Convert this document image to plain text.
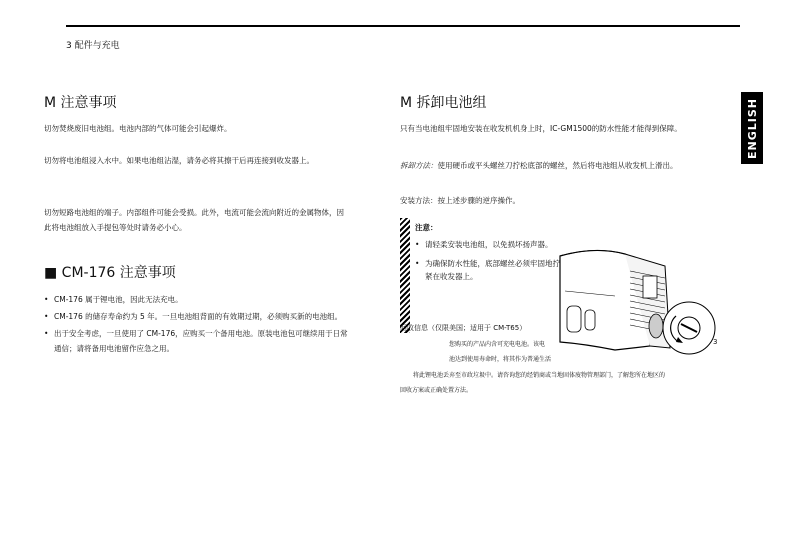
3 配件与充电
M 注意事项
切勿焚烧废旧电池组。电池内部的气体可能会引起爆炸。
切勿将电池组浸入水中。如果电池组沾湿，请务必将其擦干后再连接到收发器上。
切勿短路电池组的端子。内部组件可能会受损。此外，电流可能会流向附近的金属物体，因此将电池组放入手提包等处时请务必小心。
■ CM-176 注意事项
• CM-176 属于锂电池，因此无法充电。
• CM-176 的储存寿命约为 5 年。一旦电池组背面的有效期过期，必须购买新的电池组。
• 出于安全考虑，一旦使用了 CM-176，应购买一个备用电池。原装电池包可继续用于日常通信；请将备用电池留作应急之用。
M 拆卸电池组
只有当电池组牢固地安装在收发机机身上时，IC-GM1500的防水性能才能得到保障。
拆卸方法：使用硬币或平头螺丝刀拧松底部的螺丝，然后将电池组从收发机上滑出。
安装方法：按上述步骤的逆序操作。
注意：
• 请轻柔安装电池组，以免损坏扬声器。
• 为确保防水性能，底部螺丝必须牢固地拧紧在收发器上。
3
回收信息（仅限美国；适用于 CM-T65）
您购买的产品内含可充电电池。该电
池达到使用寿命时，将其作为普通生活
将此锂电池丢弃至市政垃圾中。请咨询您的经销商或当地固体废物管理部门，了解您所在地区的
回收方案或正确处置方法。
ENGLISH
